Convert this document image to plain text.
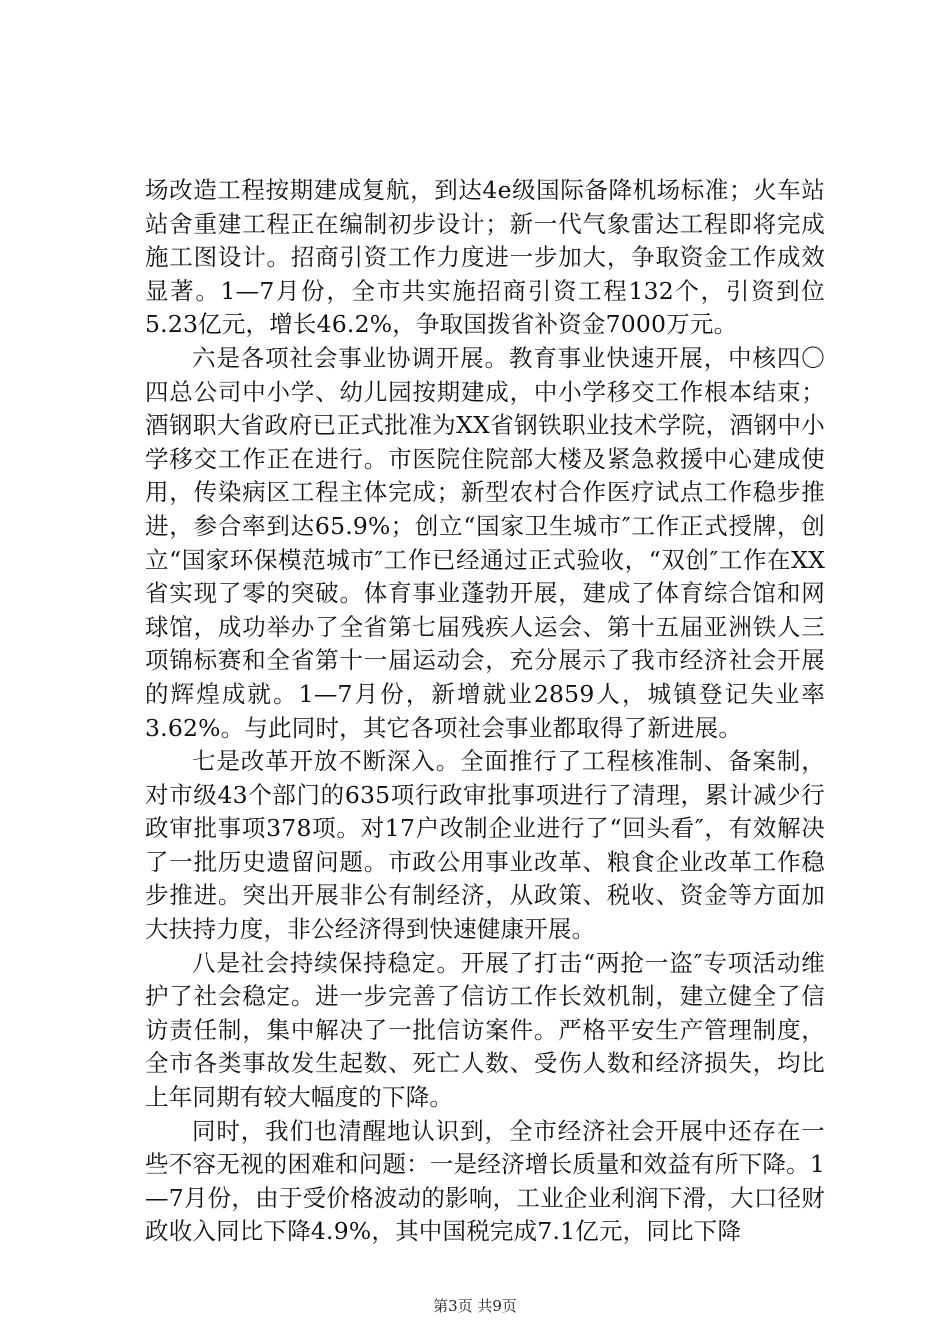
场改造工程按期建成复航，到达4e级国际备降机场标准；火车站站舍重建工程正在编制初步设计；新一代气象雷达工程即将完成施工图设计。招商引资工作力度进一步加大，争取资金工作成效显著。1—7月份，全市共实施招商引资工程132个，引资到位5.23亿元，增长46.2%，争取国拨省补资金7000万元。

六是各项社会事业协调开展。教育事业快速开展，中核四〇四总公司中小学、幼儿园按期建成，中小学移交工作根本结束；酒钢职大省政府已正式批准为XX省钢铁职业技术学院，酒钢中小学移交工作正在进行。市医院住院部大楼及紧急救援中心建成使用，传染病区工程主体完成；新型农村合作医疗试点工作稳步推进，参合率到达65.9%；创立“国家卫生城市″工作正式授牌，创立“国家环保模范城市″工作已经通过正式验收，“双创″工作在XX省实现了零的突破。体育事业蓬勃开展，建成了体育综合馆和网球馆，成功举办了全省第七届残疾人运会、第十五届亚洲铁人三项锦标赛和全省第十一届运动会，充分展示了我市经济社会开展的辉煌成就。1—7月份，新增就业2859人，城镇登记失业率3.62%。与此同时，其它各项社会事业都取得了新进展。

七是改革开放不断深入。全面推行了工程核准制、备案制，对市级43个部门的635项行政审批事项进行了清理，累计减少行政审批事项378项。对17户改制企业进行了“回头看″，有效解决了一批历史遗留问题。市政公用事业改革、粮食企业改革工作稳步推进。突出开展非公有制经济，从政策、税收、资金等方面加大扶持力度，非公经济得到快速健康开展。

八是社会持续保持稳定。开展了打击“两抢一盗″专项活动维护了社会稳定。进一步完善了信访工作长效机制，建立健全了信访责任制，集中解决了一批信访案件。严格平安生产管理制度，全市各类事故发生起数、死亡人数、受伤人数和经济损失，均比上年同期有较大幅度的下降。

同时，我们也清醒地认识到，全市经济社会开展中还存在一些不容无视的困难和问题：一是经济增长质量和效益有所下降。1—7月份，由于受价格波动的影响，工业企业利润下滑，大口径财政收入同比下降4.9%，其中国税完成7.1亿元，同比下降

第3页 共9页
